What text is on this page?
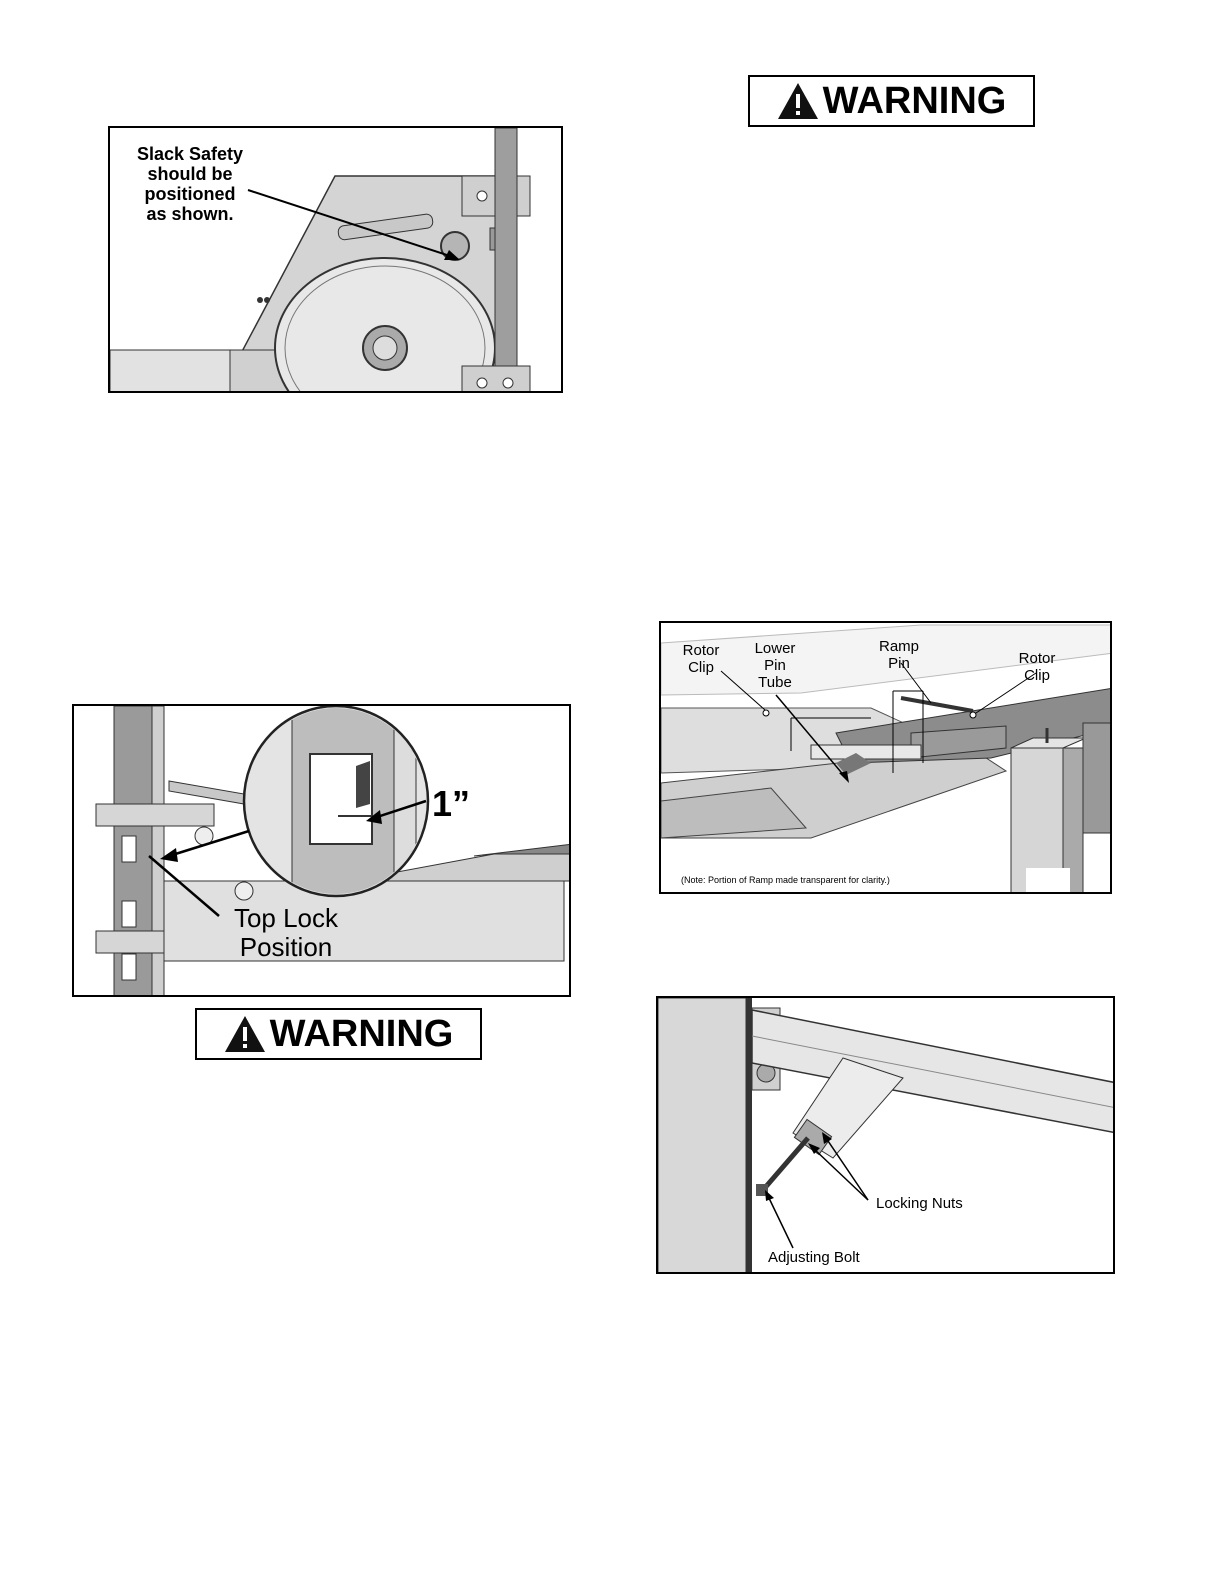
Slack Safety
should be
positioned
as shown.
WARNING
1”
Top Lock
Position
WARNING
Rotor
Clip
Lower
Pin
Tube
Ramp
Pin	Rotor
Clip
(Note: Portion of Ramp made transparent for clarity.)
Locking Nuts
Adjusting Bolt
